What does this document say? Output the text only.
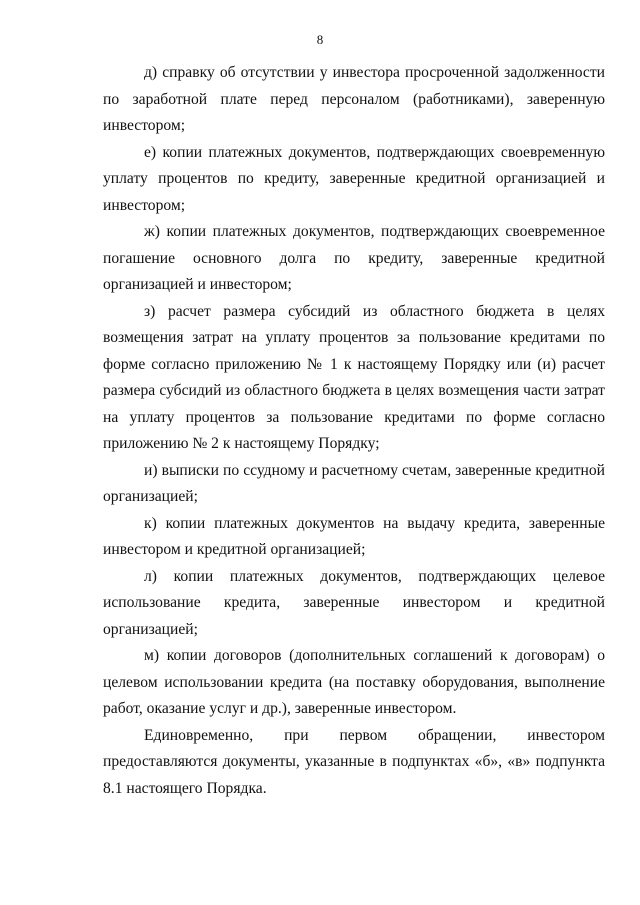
8

д) справку об отсутствии у инвестора просроченной задолженности по заработной плате перед персоналом (работниками), заверенную инвестором;

е) копии платежных документов, подтверждающих своевременную уплату процентов по кредиту, заверенные кредитной организацией и инвестором;

ж) копии платежных документов, подтверждающих своевременное погашение основного долга по кредиту, заверенные кредитной организацией и инвестором;

з) расчет размера субсидий из областного бюджета в целях возмещения затрат на уплату процентов за пользование кредитами по форме согласно приложению № 1 к настоящему Порядку или (и) расчет размера субсидий из областного бюджета в целях возмещения части затрат на уплату процентов за пользование кредитами по форме согласно приложению № 2 к настоящему Порядку;

и) выписки по ссудному и расчетному счетам, заверенные кредитной организацией;

к) копии платежных документов на выдачу кредита, заверенные инвестором и кредитной организацией;

л) копии платежных документов, подтверждающих целевое использование кредита, заверенные инвестором и кредитной организацией;

м) копии договоров (дополнительных соглашений к договорам) о целевом использовании кредита (на поставку оборудования, выполнение работ, оказание услуг и др.), заверенные инвестором.

Единовременно, при первом обращении, инвестором предоставляются документы, указанные в подпунктах «б», «в» подпункта 8.1 настоящего Порядка.
